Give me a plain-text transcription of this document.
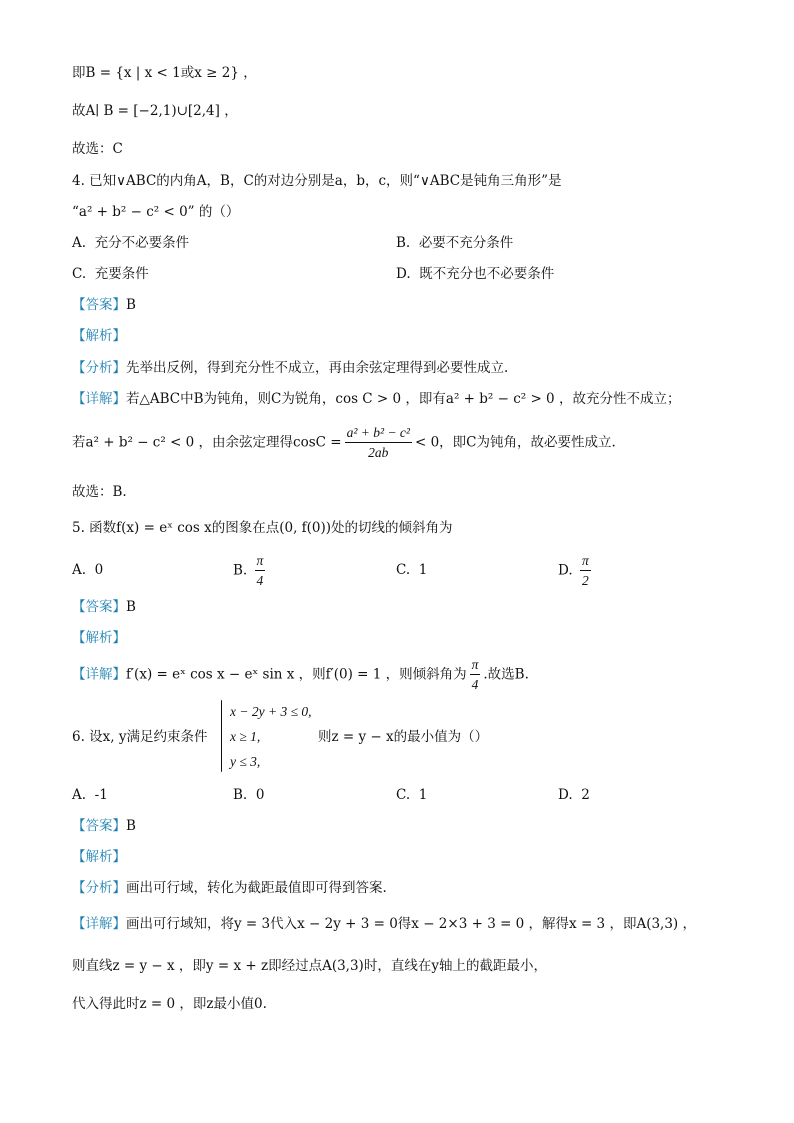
即B = {x | x < 1或x ≥ 2} ，
故A∣ B = [−2,1)∪[2,4] ，
故选：C
4. 已知∨ABC的内角A，B，C的对边分别是a，b，c，则“∨ABC是钝角三角形”是
“a² + b² − c² < 0” 的（）
A. 充分不必要条件	B. 必要不充分条件
C. 充要条件	D. 既不充分也不必要条件
【答案】B
【解析】
【分析】先举出反例，得到充分性不成立，再由余弦定理得到必要性成立.
【详解】若△ABC中B为钝角，则C为锐角，cos C > 0 ，即有a² + b² − c² > 0 ，故充分性不成立；
若a² + b² − c² < 0 ，由余弦定理得$\cos C = \frac{\text{a² + b² − c²}}{2ab} < 0$，即C为钝角，故必要性成立.
故选：B.
5. 函数f(x) = eˣ cos x的图象在点(0, f(0))处的切线的倾斜角为
A. 0	B. $\frac{\pi}{4}$	C. 1	D. $\frac{\pi}{2}$
【答案】B
【解析】
【详解】f′(x) = eˣ cos x − eˣ sin x ，则f′(0) = 1 ，则倾斜角为 $\frac{\pi}{4}$ .故选B.
6. 设x, y满足约束条件
x − 2y + 3 ≤ 0,
x ≥ 1,
y ≤ 3,
则z = y − x的最小值为（）
A. -1	B. 0	C. 1	D. 2
【答案】B
【解析】
【分析】画出可行域，转化为截距最值即可得到答案.
【详解】画出可行域知，将y = 3代入x − 2y + 3 = 0得x − 2×3 + 3 = 0 ，解得x = 3 ，即A(3,3) ，
则直线z = y − x ，即y = x + z即经过点A(3,3)时，直线在y轴上的截距最小，
代入得此时z = 0 ，即z最小值0.
